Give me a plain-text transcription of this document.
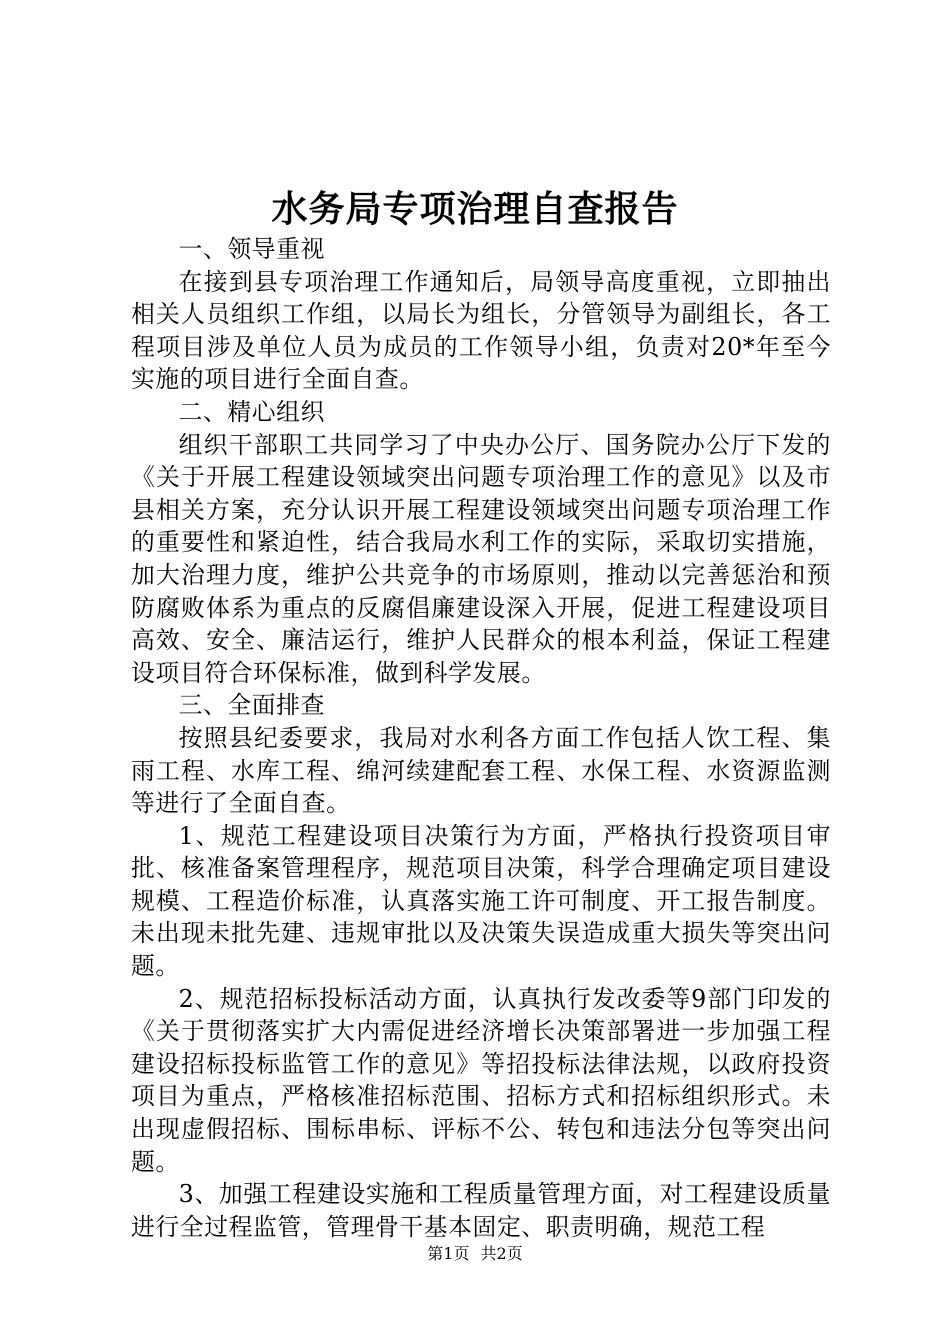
水务局专项治理自查报告

一、领导重视

在接到县专项治理工作通知后，局领导高度重视，立即抽出相关人员组织工作组，以局长为组长，分管领导为副组长，各工程项目涉及单位人员为成员的工作领导小组，负责对20*年至今实施的项目进行全面自查。

二、精心组织

组织干部职工共同学习了中央办公厅、国务院办公厅下发的《关于开展工程建设领域突出问题专项治理工作的意见》以及市县相关方案，充分认识开展工程建设领域突出问题专项治理工作的重要性和紧迫性，结合我局水利工作的实际，采取切实措施，加大治理力度，维护公共竞争的市场原则，推动以完善惩治和预防腐败体系为重点的反腐倡廉建设深入开展，促进工程建设项目高效、安全、廉洁运行，维护人民群众的根本利益，保证工程建设项目符合环保标准，做到科学发展。

三、全面排查

按照县纪委要求，我局对水利各方面工作包括人饮工程、集雨工程、水库工程、绵河续建配套工程、水保工程、水资源监测等进行了全面自查。

1、规范工程建设项目决策行为方面，严格执行投资项目审批、核准备案管理程序，规范项目决策，科学合理确定项目建设规模、工程造价标准，认真落实施工许可制度、开工报告制度。未出现未批先建、违规审批以及决策失误造成重大损失等突出问题。

2、规范招标投标活动方面，认真执行发改委等9部门印发的《关于贯彻落实扩大内需促进经济增长决策部署进一步加强工程建设招标投标监管工作的意见》等招投标法律法规，以政府投资项目为重点，严格核准招标范围、招标方式和招标组织形式。未出现虚假招标、围标串标、评标不公、转包和违法分包等突出问题。

3、加强工程建设实施和工程质量管理方面，对工程建设质量进行全过程监管，管理骨干基本固定、职责明确，规范工程

第1页 共2页
